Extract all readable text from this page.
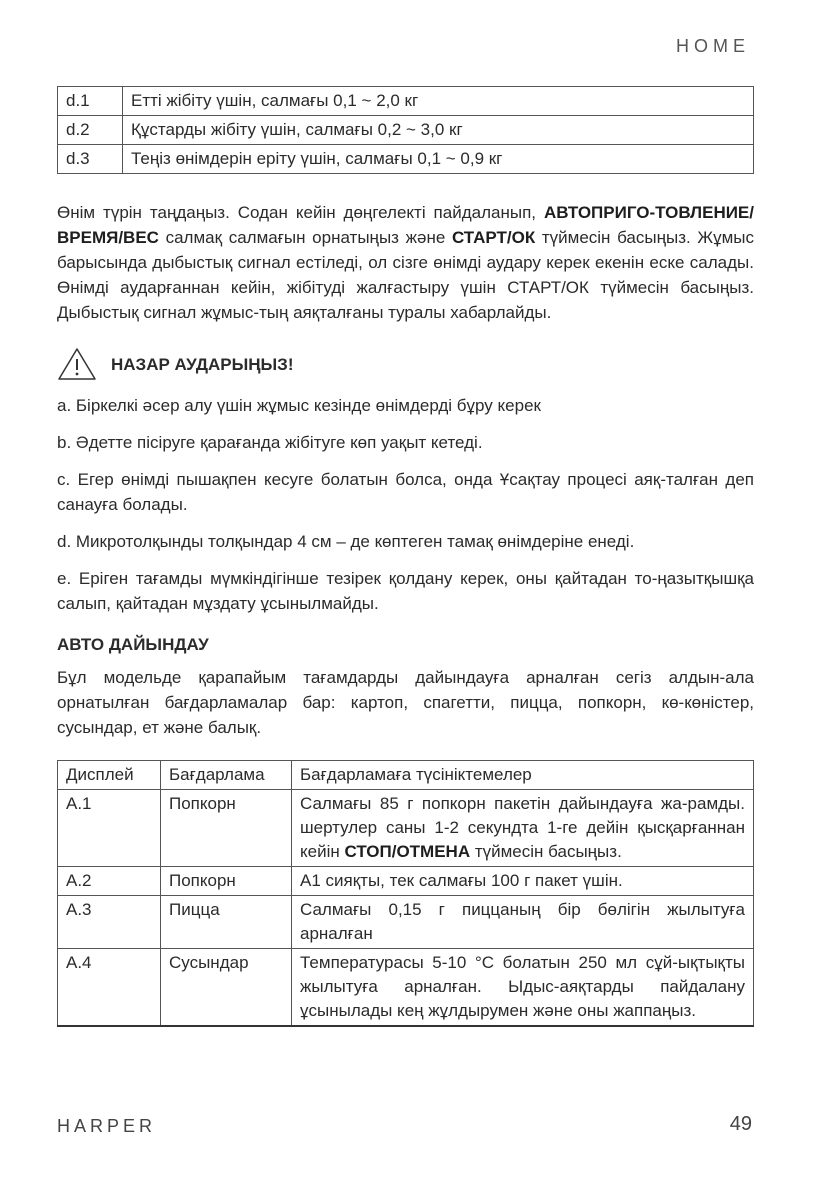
HOME
d.1	Етті жібіту үшін, салмағы 0,1 ~ 2,0 кг
d.2	Құстарды жібіту үшін, салмағы 0,2 ~ 3,0 кг
d.3	Теңіз өнімдерін еріту үшін, салмағы 0,1 ~ 0,9 кг

Өнім түрін таңдаңыз. Содан кейін дөңгелекті пайдаланып, АВТОПРИГО-ТОВЛЕНИЕ/ВРЕМЯ/ВЕС салмақ салмағын орнатыңыз және СТАРТ/ОК түймесін басыңыз. Жұмыс барысында дыбыстық сигнал естіледі, ол сізге өнімді аудару керек екенін еске салады. Өнімді аударғаннан кейін, жібітуді жалғастыру үшін СТАРТ/ОК түймесін басыңыз. Дыбыстық сигнал жұмыс-тың аяқталғаны туралы хабарлайды.

НАЗАР АУДАРЫҢЫЗ!

a. Біркелкі әсер алу үшін жұмыс кезінде өнімдерді бұру керек

b. Әдетте пісіруге қарағанда жібітуге көп уақыт кетеді.

c. Егер өнімді пышақпен кесуге болатын болса, онда Ұсақтау процесі аяқ-талған деп санауға болады.

d. Микротолқынды толқындар 4 см – де көптеген тамақ өнімдеріне енеді.

e. Еріген тағамды мүмкіндігінше тезірек қолдану керек, оны қайтадан то-ңазытқышқа салып, қайтадан мұздату ұсынылмайды.

АВТО ДАЙЫНДАУ

Бұл модельде қарапайым тағамдарды дайындауға арналған сегіз алдын-ала орнатылған бағдарламалар бар: картоп, спагетти, пицца, попкорн, кө-көністер, сусындар, ет және балық.

Дисплей	Бағдарлама	Бағдарламаға түсініктемелер
A.1	Попкорн	Салмағы 85 г попкорн пакетін дайындауға жа-рамды. шертулер саны 1-2 секундта 1-ге дейін қысқарғаннан кейін СТОП/ОТМЕНА түймесін басыңыз.
A.2	Попкорн	А1 сияқты, тек салмағы 100 г пакет үшін.
A.3	Пицца	Салмағы 0,15 г пиццаның бір бөлігін жылытуға арналған
A.4	Сусындар	Температурасы 5-10 °С болатын 250 мл сұй-ықтықты жылытуға арналған. Ыдыс-аяқтарды пайдалану ұсынылады кең жұлдырумен және оны жаппаңыз.
HARPER	49
